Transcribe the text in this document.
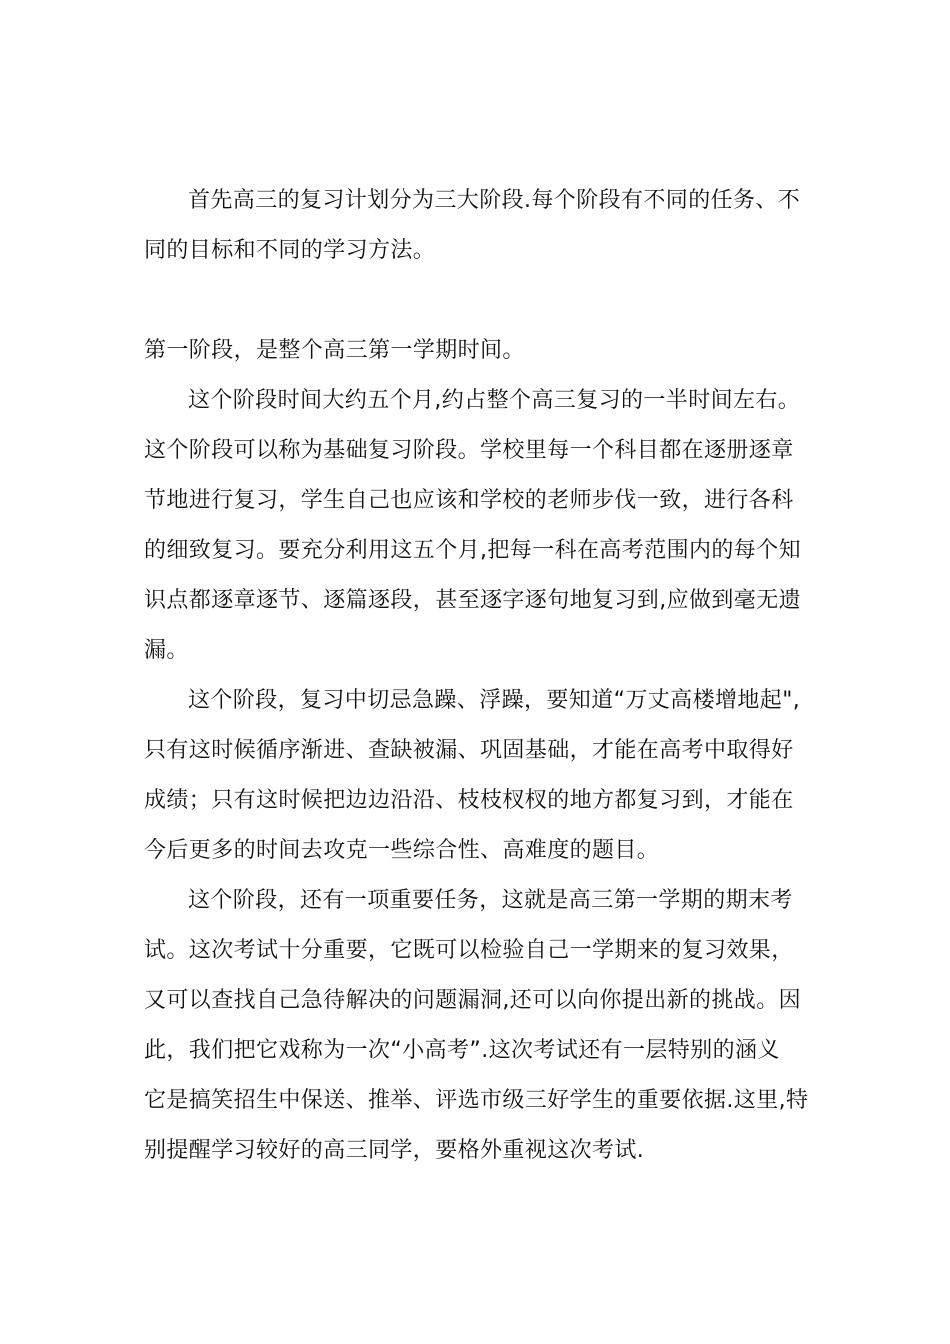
首先高三的复习计划分为三大阶段.每个阶段有不同的任务、不
同的目标和不同的学习方法。
第一阶段，是整个高三第一学期时间。
这个阶段时间大约五个月,约占整个高三复习的一半时间左右。
这个阶段可以称为基础复习阶段。学校里每一个科目都在逐册逐章
节地进行复习，学生自己也应该和学校的老师步伐一致，进行各科
的细致复习。要充分利用这五个月,把每一科在高考范围内的每个知
识点都逐章逐节、逐篇逐段，甚至逐字逐句地复习到,应做到毫无遗
漏。
这个阶段，复习中切忌急躁、浮躁，要知道“万丈高楼增地起",
只有这时候循序渐进、查缺被漏、巩固基础，才能在高考中取得好
成绩；只有这时候把边边沿沿、枝枝杈杈的地方都复习到，才能在
今后更多的时间去攻克一些综合性、高难度的题目。
这个阶段，还有一项重要任务，这就是高三第一学期的期末考
试。这次考试十分重要，它既可以检验自己一学期来的复习效果，
又可以查找自己急待解决的问题漏洞,还可以向你提出新的挑战。因
此，我们把它戏称为一次“小高考”.这次考试还有一层特别的涵义
它是搞笑招生中保送、推举、评选市级三好学生的重要依据.这里,特
别提醒学习较好的高三同学，要格外重视这次考试.
